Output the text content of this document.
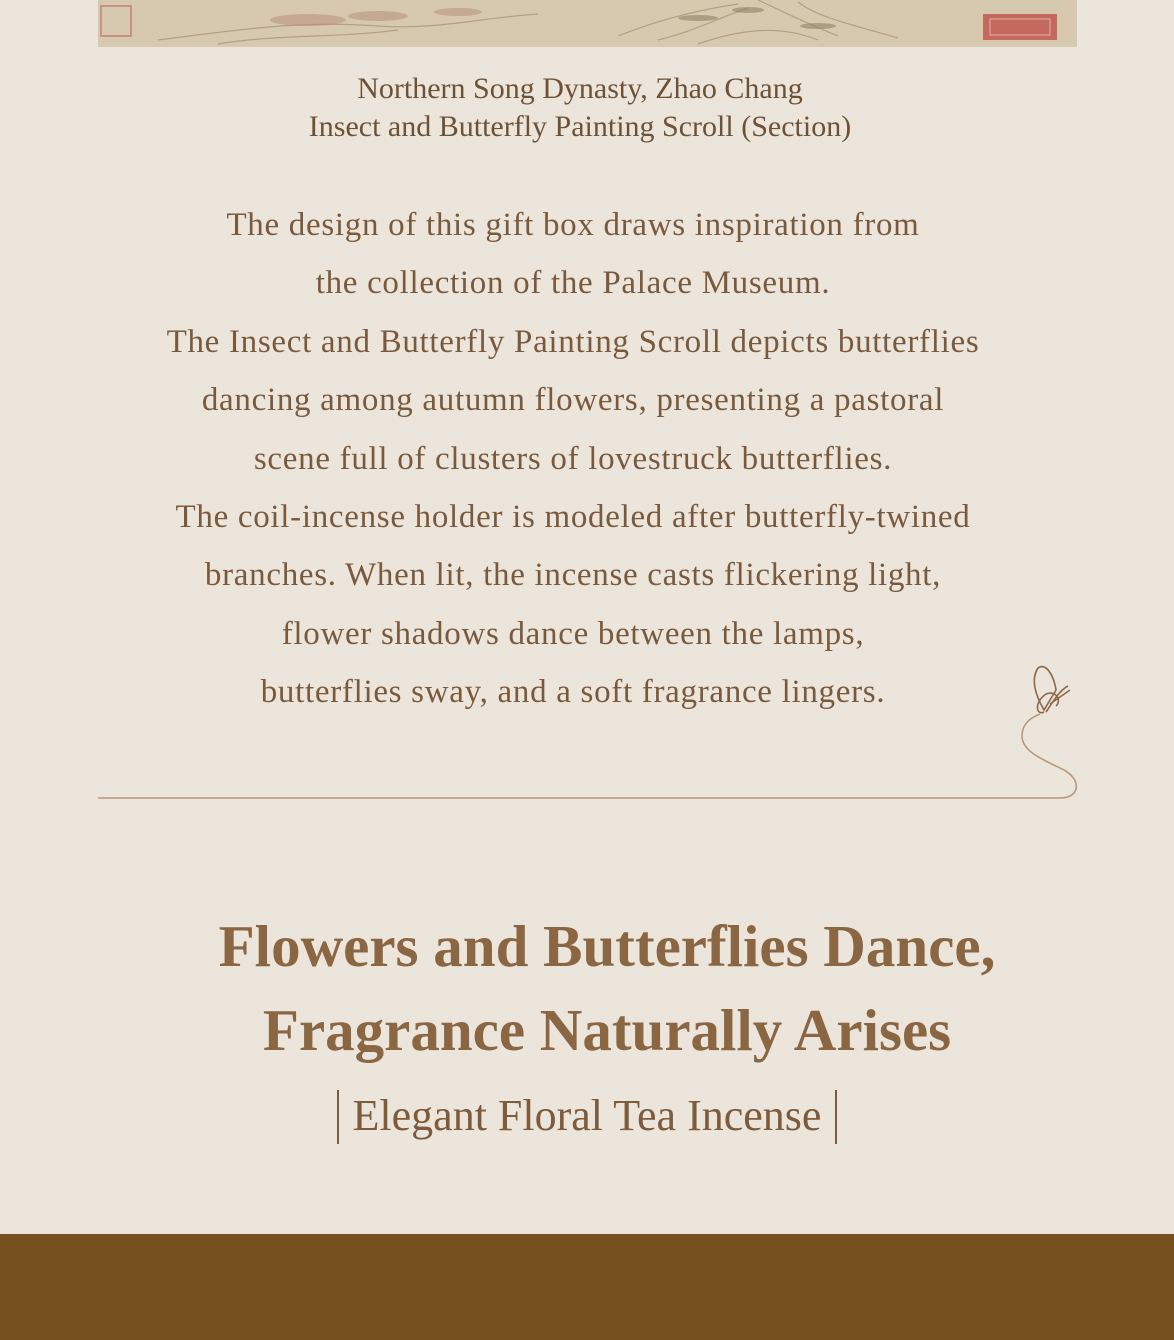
Northern Song Dynasty, Zhao Chang

Insect and Butterfly Painting Scroll (Section)

The design of this gift box draws inspiration from
the collection of the Palace Museum.
The Insect and Butterfly Painting Scroll depicts butterflies
dancing among autumn flowers, presenting a pastoral
scene full of clusters of lovestruck butterflies.
The coil-incense holder is modeled after butterfly-twined
branches. When lit, the incense casts flickering light,
flower shadows dance between the lamps,
butterflies sway, and a soft fragrance lingers.
Flowers and Butterflies Dance,
Fragrance Naturally Arises
Elegant Floral Tea Incense
